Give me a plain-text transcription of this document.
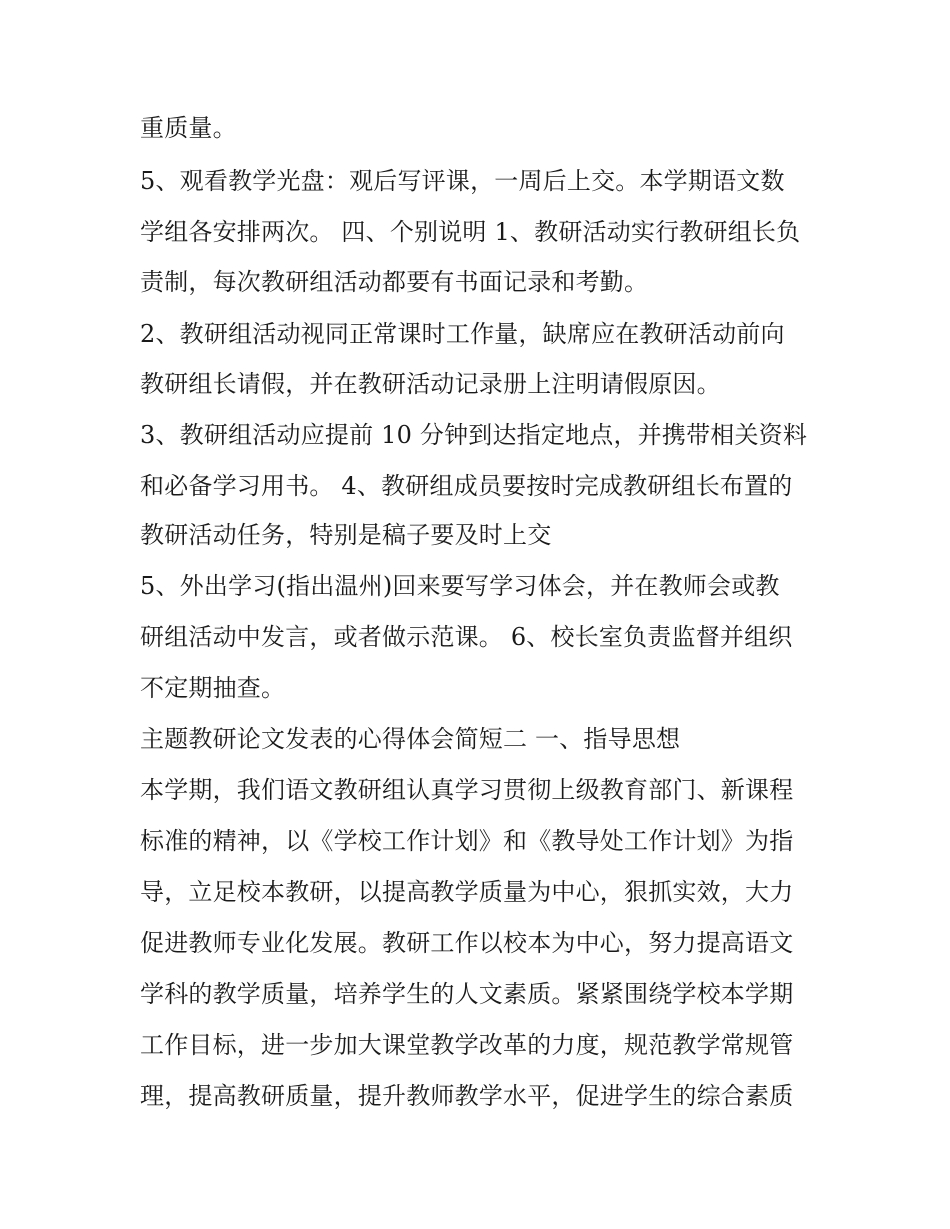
重质量。
5、观看教学光盘：观后写评课，一周后上交。本学期语文数
学组各安排两次。 四、个别说明 1、教研活动实行教研组长负
责制，每次教研组活动都要有书面记录和考勤。
2、教研组活动视同正常课时工作量，缺席应在教研活动前向
教研组长请假，并在教研活动记录册上注明请假原因。
3、教研组活动应提前 10 分钟到达指定地点，并携带相关资料
和必备学习用书。 4、教研组成员要按时完成教研组长布置的
教研活动任务，特别是稿子要及时上交
5、外出学习(指出温州)回来要写学习体会，并在教师会或教
研组活动中发言，或者做示范课。 6、校长室负责监督并组织
不定期抽查。
主题教研论文发表的心得体会简短二 一、指导思想
本学期，我们语文教研组认真学习贯彻上级教育部门、新课程
标准的精神，以《学校工作计划》和《教导处工作计划》为指
导，立足校本教研，以提高教学质量为中心，狠抓实效，大力
促进教师专业化发展。教研工作以校本为中心，努力提高语文
学科的教学质量，培养学生的人文素质。紧紧围绕学校本学期
工作目标，进一步加大课堂教学改革的力度，规范教学常规管
理，提高教研质量，提升教师教学水平，促进学生的综合素质
